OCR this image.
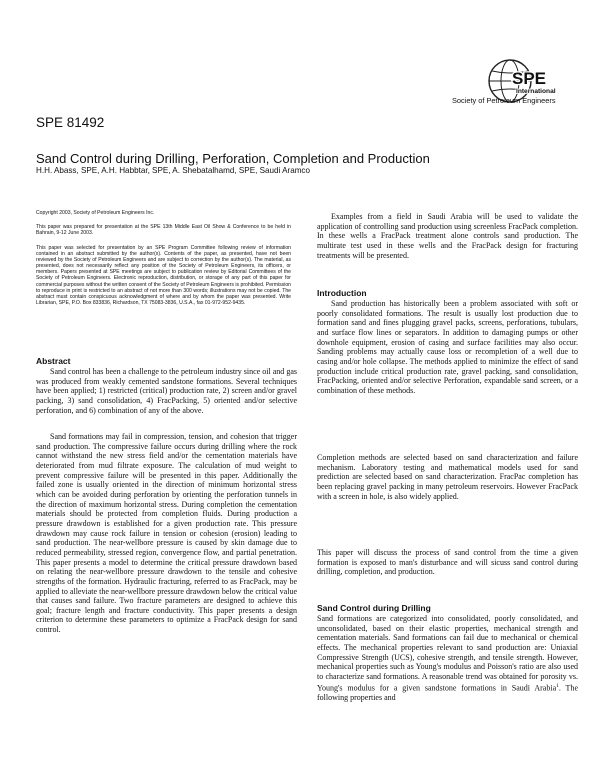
SPE
International
Society of Petroleum Engineers
SPE 81492
Sand Control during Drilling, Perforation, Completion and Production
H.H. Abass, SPE, A.H. Habbtar, SPE, A. Shebatalhamd, SPE, Saudi Aramco

Copyright 2003, Society of Petroleum Engineers Inc.

This paper was prepared for presentation at the SPE 13th Middle East Oil Show & Conference to be held in Bahrain, 9-12 June 2003.

This paper was selected for presentation by an SPE Program Committee following review of information contained in an abstract submitted by the author(s). Contents of the paper, as presented, have not been reviewed by the Society of Petroleum Engineers and are subject to correction by the author(s). The material, as presented, does not necessarily reflect any position of the Society of Petroleum Engineers, its officers, or members. Papers presented at SPE meetings are subject to publication review by Editorial Committees of the Society of Petroleum Engineers. Electronic reproduction, distribution, or storage of any part of this paper for commercial purposes without the written consent of the Society of Petroleum Engineers is prohibited. Permission to reproduce in print is restricted to an abstract of not more than 300 words; illustrations may not be copied. The abstract must contain conspicuous acknowledgment of where and by whom the paper was presented. Write Librarian, SPE, P.O. Box 833836, Richardson, TX 75083-3836, U.S.A., fax 01-972-952-9435.

Abstract

Sand control has been a challenge to the petroleum industry since oil and gas was produced from weakly cemented sandstone formations. Several techniques have been applied; 1) restricted (critical) production rate, 2) screen and/or gravel packing, 3) sand consolidation, 4) FracPacking, 5) oriented and/or selective perforation, and 6) combination of any of the above.

Sand formations may fail in compression, tension, and cohesion that trigger sand production. The compressive failure occurs during drilling where the rock cannot withstand the new stress field and/or the cementation materials have deteriorated from mud filtrate exposure. The calculation of mud weight to prevent compressive failure will be presented in this paper. Additionally the failed zone is usually oriented in the direction of minimum horizontal stress which can be avoided during perforation by orienting the perforation tunnels in the direction of maximum horizontal stress. During completion the cementation materials should be protected from completion fluids. During production a pressure drawdown is established for a given production rate. This pressure drawdown may cause rock failure in tension or cohesion (erosion) leading to sand production. The near-wellbore pressure is caused by skin damage due to reduced permeability, stressed region, convergence flow, and partial penetration. This paper presents a model to determine the critical pressure drawdown based on relating the near-wellbore pressure drawdown to the tensile and cohesive strengths of the formation. Hydraulic fracturing, referred to as FracPack, may be applied to alleviate the near-wellbore pressure drawdown below the critical value that causes sand failure. Two fracture parameters are designed to achieve this goal; fracture length and fracture conductivity. This paper presents a design criterion to determine these parameters to optimize a FracPack design for sand control.

Examples from a field in Saudi Arabia will be used to validate the application of controlling sand production using screenless FracPack completion. In these wells a FracPack treatment alone controls sand production. The multirate test used in these wells and the FracPack design for fracturing treatments will be presented.

Introduction

Sand production has historically been a problem associated with soft or poorly consolidated formations. The result is usually lost production due to formation sand and fines plugging gravel packs, screens, perforations, tubulars, and surface flow lines or separators. In addition to damaging pumps or other downhole equipment, erosion of casing and surface facilities may also occur. Sanding problems may actually cause loss or recompletion of a well due to casing and/or hole collapse. The methods applied to minimize the effect of sand production include critical production rate, gravel packing, sand consolidation, FracPacking, oriented and/or selective Perforation, expandable sand screen, or a combination of these methods.

Completion methods are selected based on sand characterization and failure mechanism. Laboratory testing and mathematical models used for sand prediction are selected based on sand characterization. FracPac completion has been replacing gravel packing in many petroleum reservoirs. However FracPack with a screen in hole, is also widely applied.

This paper will discuss the process of sand control from the time a given formation is exposed to man's disturbance and will sicuss sand control during drilling, completion, and production.

Sand Control during Drilling

Sand formations are categorized into consolidated, poorly consolidated, and unconsolidated, based on their elastic properties, mechanical strength and cementation materials. Sand formations can fail due to mechanical or chemical effects. The mechanical properties relevant to sand production are: Uniaxial Compressive Strength (UCS), cohesive strength, and tensile strength. However, mechanical properties such as Young's modulus and Poisson's ratio are also used to characterize sand formations. A reasonable trend was obtained for porosity vs. Young's modulus for a given sandstone formations in Saudi Arabia$^1$. The following properties and
